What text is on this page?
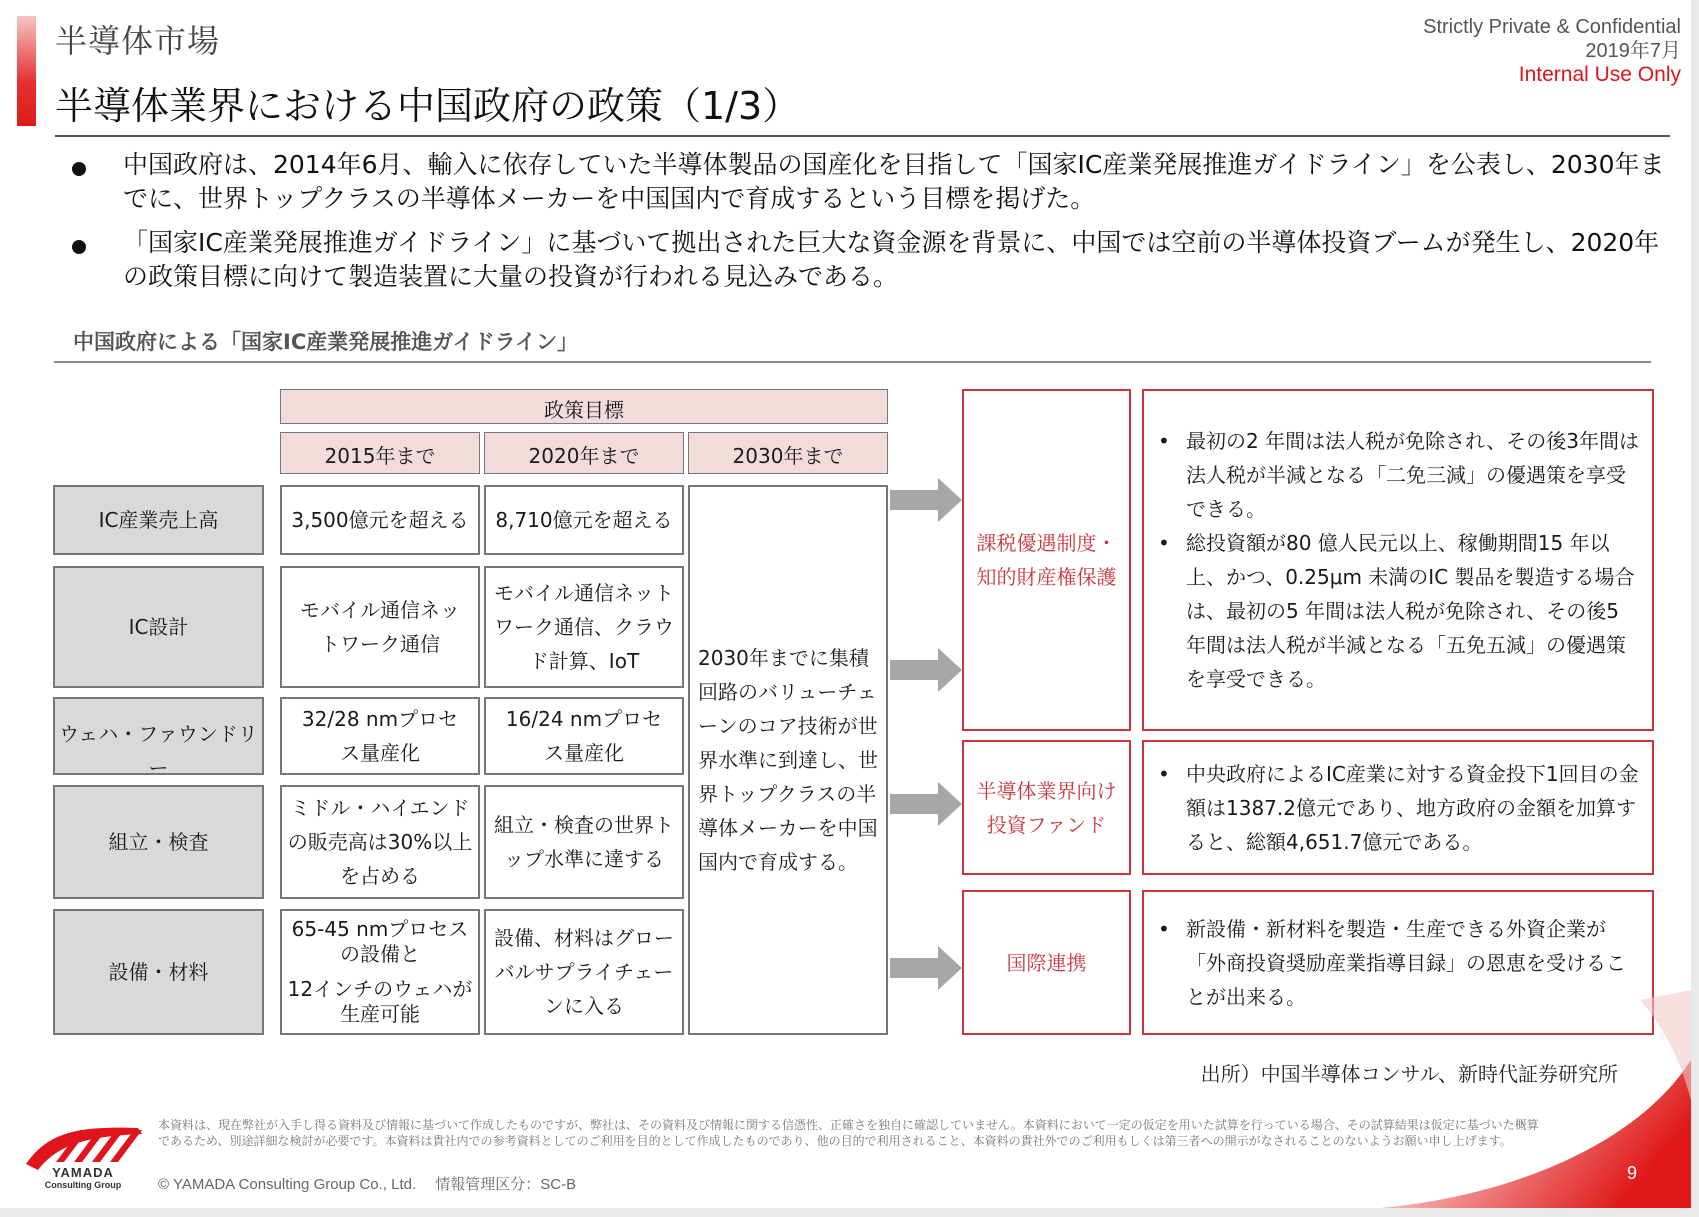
半導体市場
半導体業界における中国政府の政策（1/3）
Strictly Private & Confidential
2019年7月
Internal Use Only
中国政府は、2014年6月、輸入に依存していた半導体製品の国産化を目指して「国家IC産業発展推進ガイドライン」を公表し、2030年までに、世界トップクラスの半導体メーカーを中国国内で育成するという目標を掲げた。
「国家IC産業発展推進ガイドライン」に基づいて拠出された巨大な資金源を背景に、中国では空前の半導体投資ブームが発生し、2020年の政策目標に向けて製造装置に大量の投資が行われる見込みである。
中国政府による「国家IC産業発展推進ガイドライン」
政策目標
2015年まで	2020年まで	2030年まで
IC産業売上高
IC設計
ウェハ・ファウンドリー
組立・検査
設備・材料
3,500億元を超える
モバイル通信ネットワーク通信
32/28 nmプロセス量産化
ミドル・ハイエンドの販売高は30%以上を占める
65-45 nmプロセスの設備と
12インチのウェハが生産可能
8,710億元を超える
モバイル通信ネットワーク通信、クラウド計算、IoT
16/24 nmプロセス量産化
組立・検査の世界トップ水準に達する
設備、材料はグローバルサプライチェーンに入る
2030年までに集積回路のバリューチェーンのコア技術が世界水準に到達し、世界トップクラスの半導体メーカーを中国国内で育成する。
課税優遇制度・知的財産権保護
• 最初の2 年間は法人税が免除され、その後3年間は法人税が半減となる「二免三減」の優遇策を享受できる。
• 総投資額が80 億人民元以上、稼働期間15 年以上、かつ、0.25μm 未満のIC 製品を製造する場合は、最初の5 年間は法人税が免除され、その後5 年間は法人税が半減となる「五免五減」の優遇策を享受できる。
半導体業界向け投資ファンド
• 中央政府によるIC産業に対する資金投下1回目の金額は1387.2億元であり、地方政府の金額を加算すると、総額4,651.7億元である。
国際連携
• 新設備・新材料を製造・生産できる外資企業が「外商投資奨励産業指導目録」の恩恵を受けることが出来る。
出所）中国半導体コンサル、新時代証券研究所
9
YAMADA
Consulting Group
本資料は、現在弊社が入手し得る資料及び情報に基づいて作成したものですが、弊社は、その資料及び情報に関する信憑性、正確さを独自に確認していません。本資料において一定の仮定を用いた試算を行っている場合、その試算結果は仮定に基づいた概算であるため、別途詳細な検討が必要です。本資料は貴社内での参考資料としてのご利用を目的として作成したものであり、他の目的で利用されること、本資料の貴社外でのご利用もしくは第三者への開示がなされることのないようお願い申し上げます。
© YAMADA Consulting Group Co., Ltd.　 情報管理区分：SC-B
